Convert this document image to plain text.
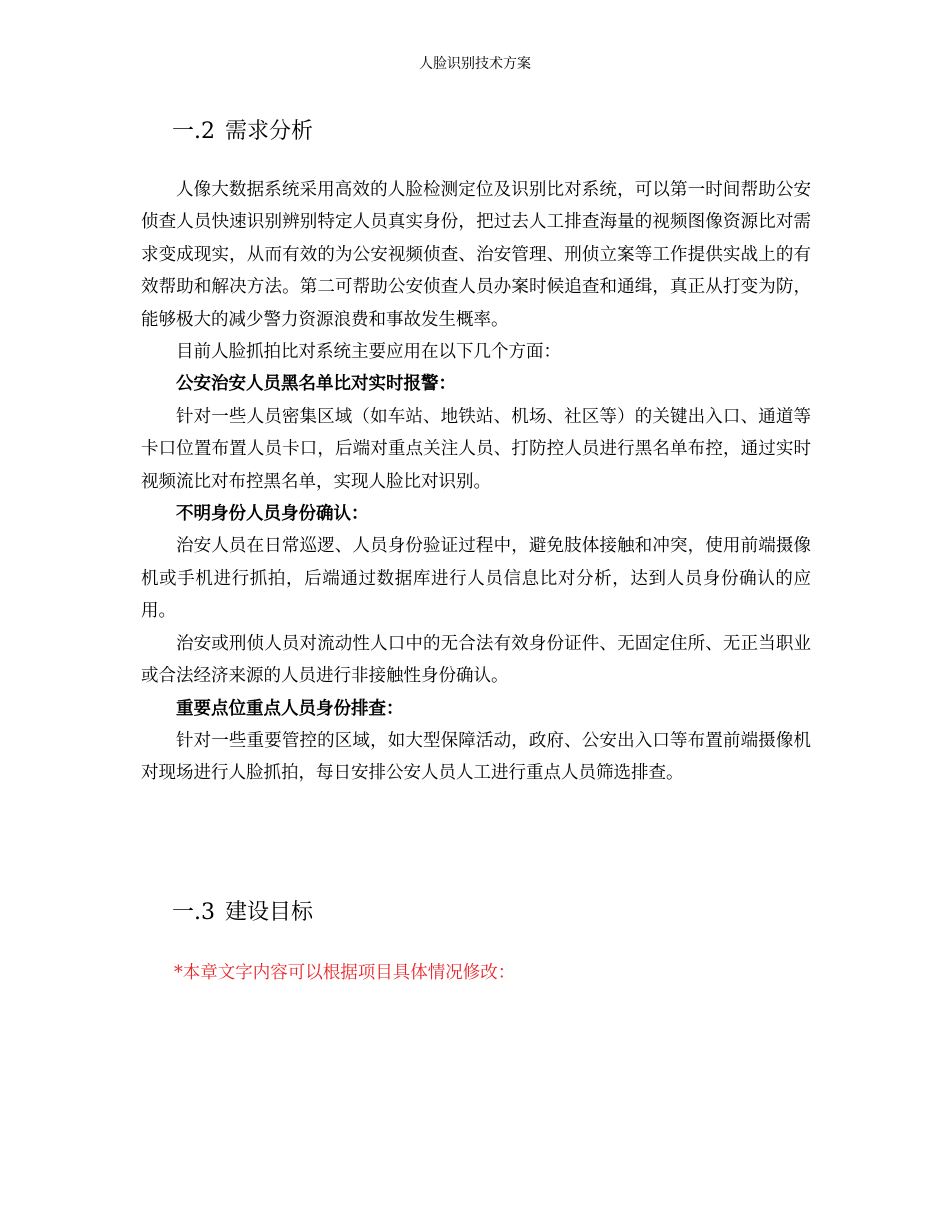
人脸识别技术方案
一.2 需求分析

人像大数据系统采用高效的人脸检测定位及识别比对系统，可以第一时间帮助公安侦查人员快速识别辨别特定人员真实身份，把过去人工排查海量的视频图像资源比对需求变成现实，从而有效的为公安视频侦查、治安管理、刑侦立案等工作提供实战上的有效帮助和解决方法。第二可帮助公安侦查人员办案时候追查和通缉，真正从打变为防，能够极大的减少警力资源浪费和事故发生概率。

目前人脸抓拍比对系统主要应用在以下几个方面：

公安治安人员黑名单比对实时报警：

针对一些人员密集区域（如车站、地铁站、机场、社区等）的关键出入口、通道等卡口位置布置人员卡口，后端对重点关注人员、打防控人员进行黑名单布控，通过实时视频流比对布控黑名单，实现人脸比对识别。

不明身份人员身份确认：

治安人员在日常巡逻、人员身份验证过程中，避免肢体接触和冲突，使用前端摄像机或手机进行抓拍，后端通过数据库进行人员信息比对分析，达到人员身份确认的应用。

治安或刑侦人员对流动性人口中的无合法有效身份证件、无固定住所、无正当职业或合法经济来源的人员进行非接触性身份确认。

重要点位重点人员身份排查：

针对一些重要管控的区域，如大型保障活动，政府、公安出入口等布置前端摄像机对现场进行人脸抓拍，每日安排公安人员人工进行重点人员筛选排查。

一.3 建设目标
*本章文字内容可以根据项目具体情况修改：
